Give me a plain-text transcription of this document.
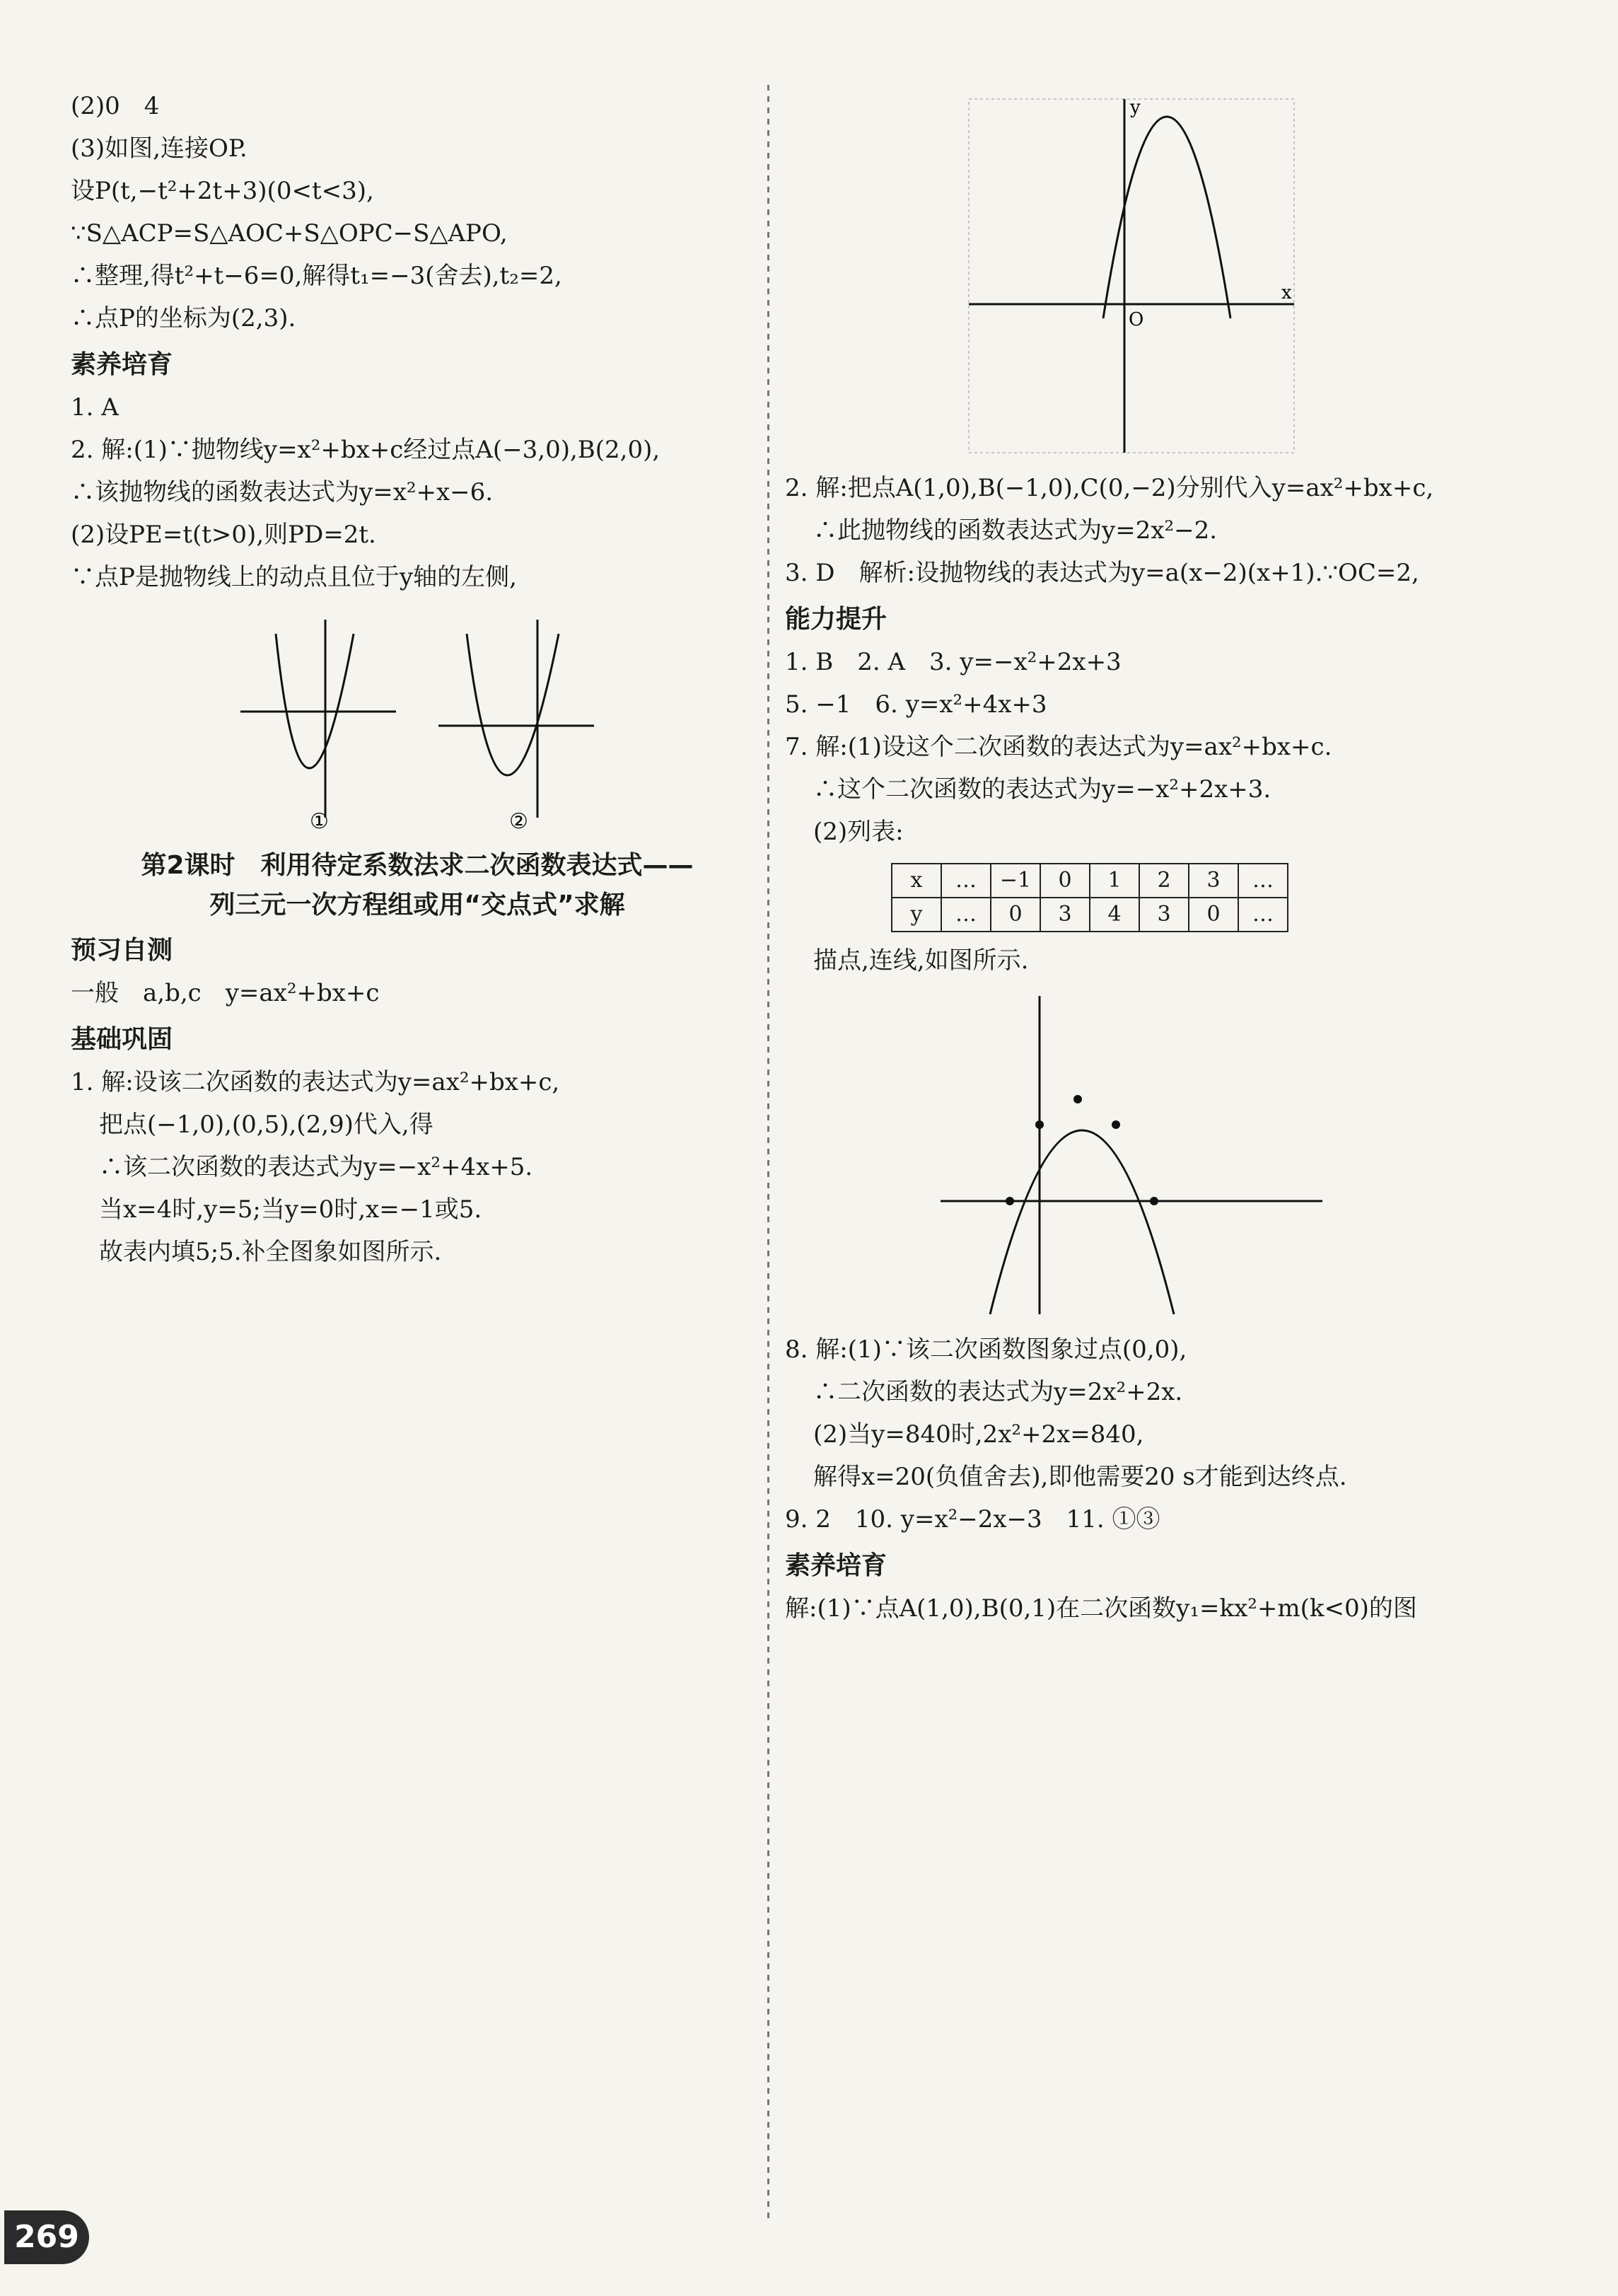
(2)0　4
(3)如图,连接OP.
设P(t,−t²+2t+3)(0<t<3),
∵S△ACP=S△AOC+S△OPC−S△APO,
∴整理,得t²+t−6=0,解得t₁=−3(舍去),t₂=2,
∴点P的坐标为(2,3).
素养培育
1. A
2. 解:(1)∵抛物线y=x²+bx+c经过点A(−3,0),B(2,0),
∴该抛物线的函数表达式为y=x²+x−6.
(2)设PE=t(t>0),则PD=2t.
∵点P是抛物线上的动点且位于y轴的左侧,
①	②
第2课时　利用待定系数法求二次函数表达式——
列三元一次方程组或用“交点式”求解
预习自测
一般　a,b,c　y=ax²+bx+c
基础巩固
1. 解:设该二次函数的表达式为y=ax²+bx+c,
把点(−1,0),(0,5),(2,9)代入,得
∴该二次函数的表达式为y=−x²+4x+5.
当x=4时,y=5;当y=0时,x=−1或5.
故表内填5;5.补全图象如图所示.
x
y
O
2. 解:把点A(1,0),B(−1,0),C(0,−2)分别代入y=ax²+bx+c,
∴此抛物线的函数表达式为y=2x²−2.
3. D　解析:设抛物线的表达式为y=a(x−2)(x+1).∵OC=2,
能力提升
1. B　2. A　3. y=−x²+2x+3
5. −1　6. y=x²+4x+3
7. 解:(1)设这个二次函数的表达式为y=ax²+bx+c.
∴这个二次函数的表达式为y=−x²+2x+3.
(2)列表:
x	…	−1	0	1	2	3	…
y	…	0	3	4	3	0	…
描点,连线,如图所示.
8. 解:(1)∵该二次函数图象过点(0,0),
∴二次函数的表达式为y=2x²+2x.
(2)当y=840时,2x²+2x=840,
解得x=20(负值舍去),即他需要20 s才能到达终点.
9. 2　10. y=x²−2x−3　11. ①③
素养培育
解:(1)∵点A(1,0),B(0,1)在二次函数y₁=kx²+m(k<0)的图
269
